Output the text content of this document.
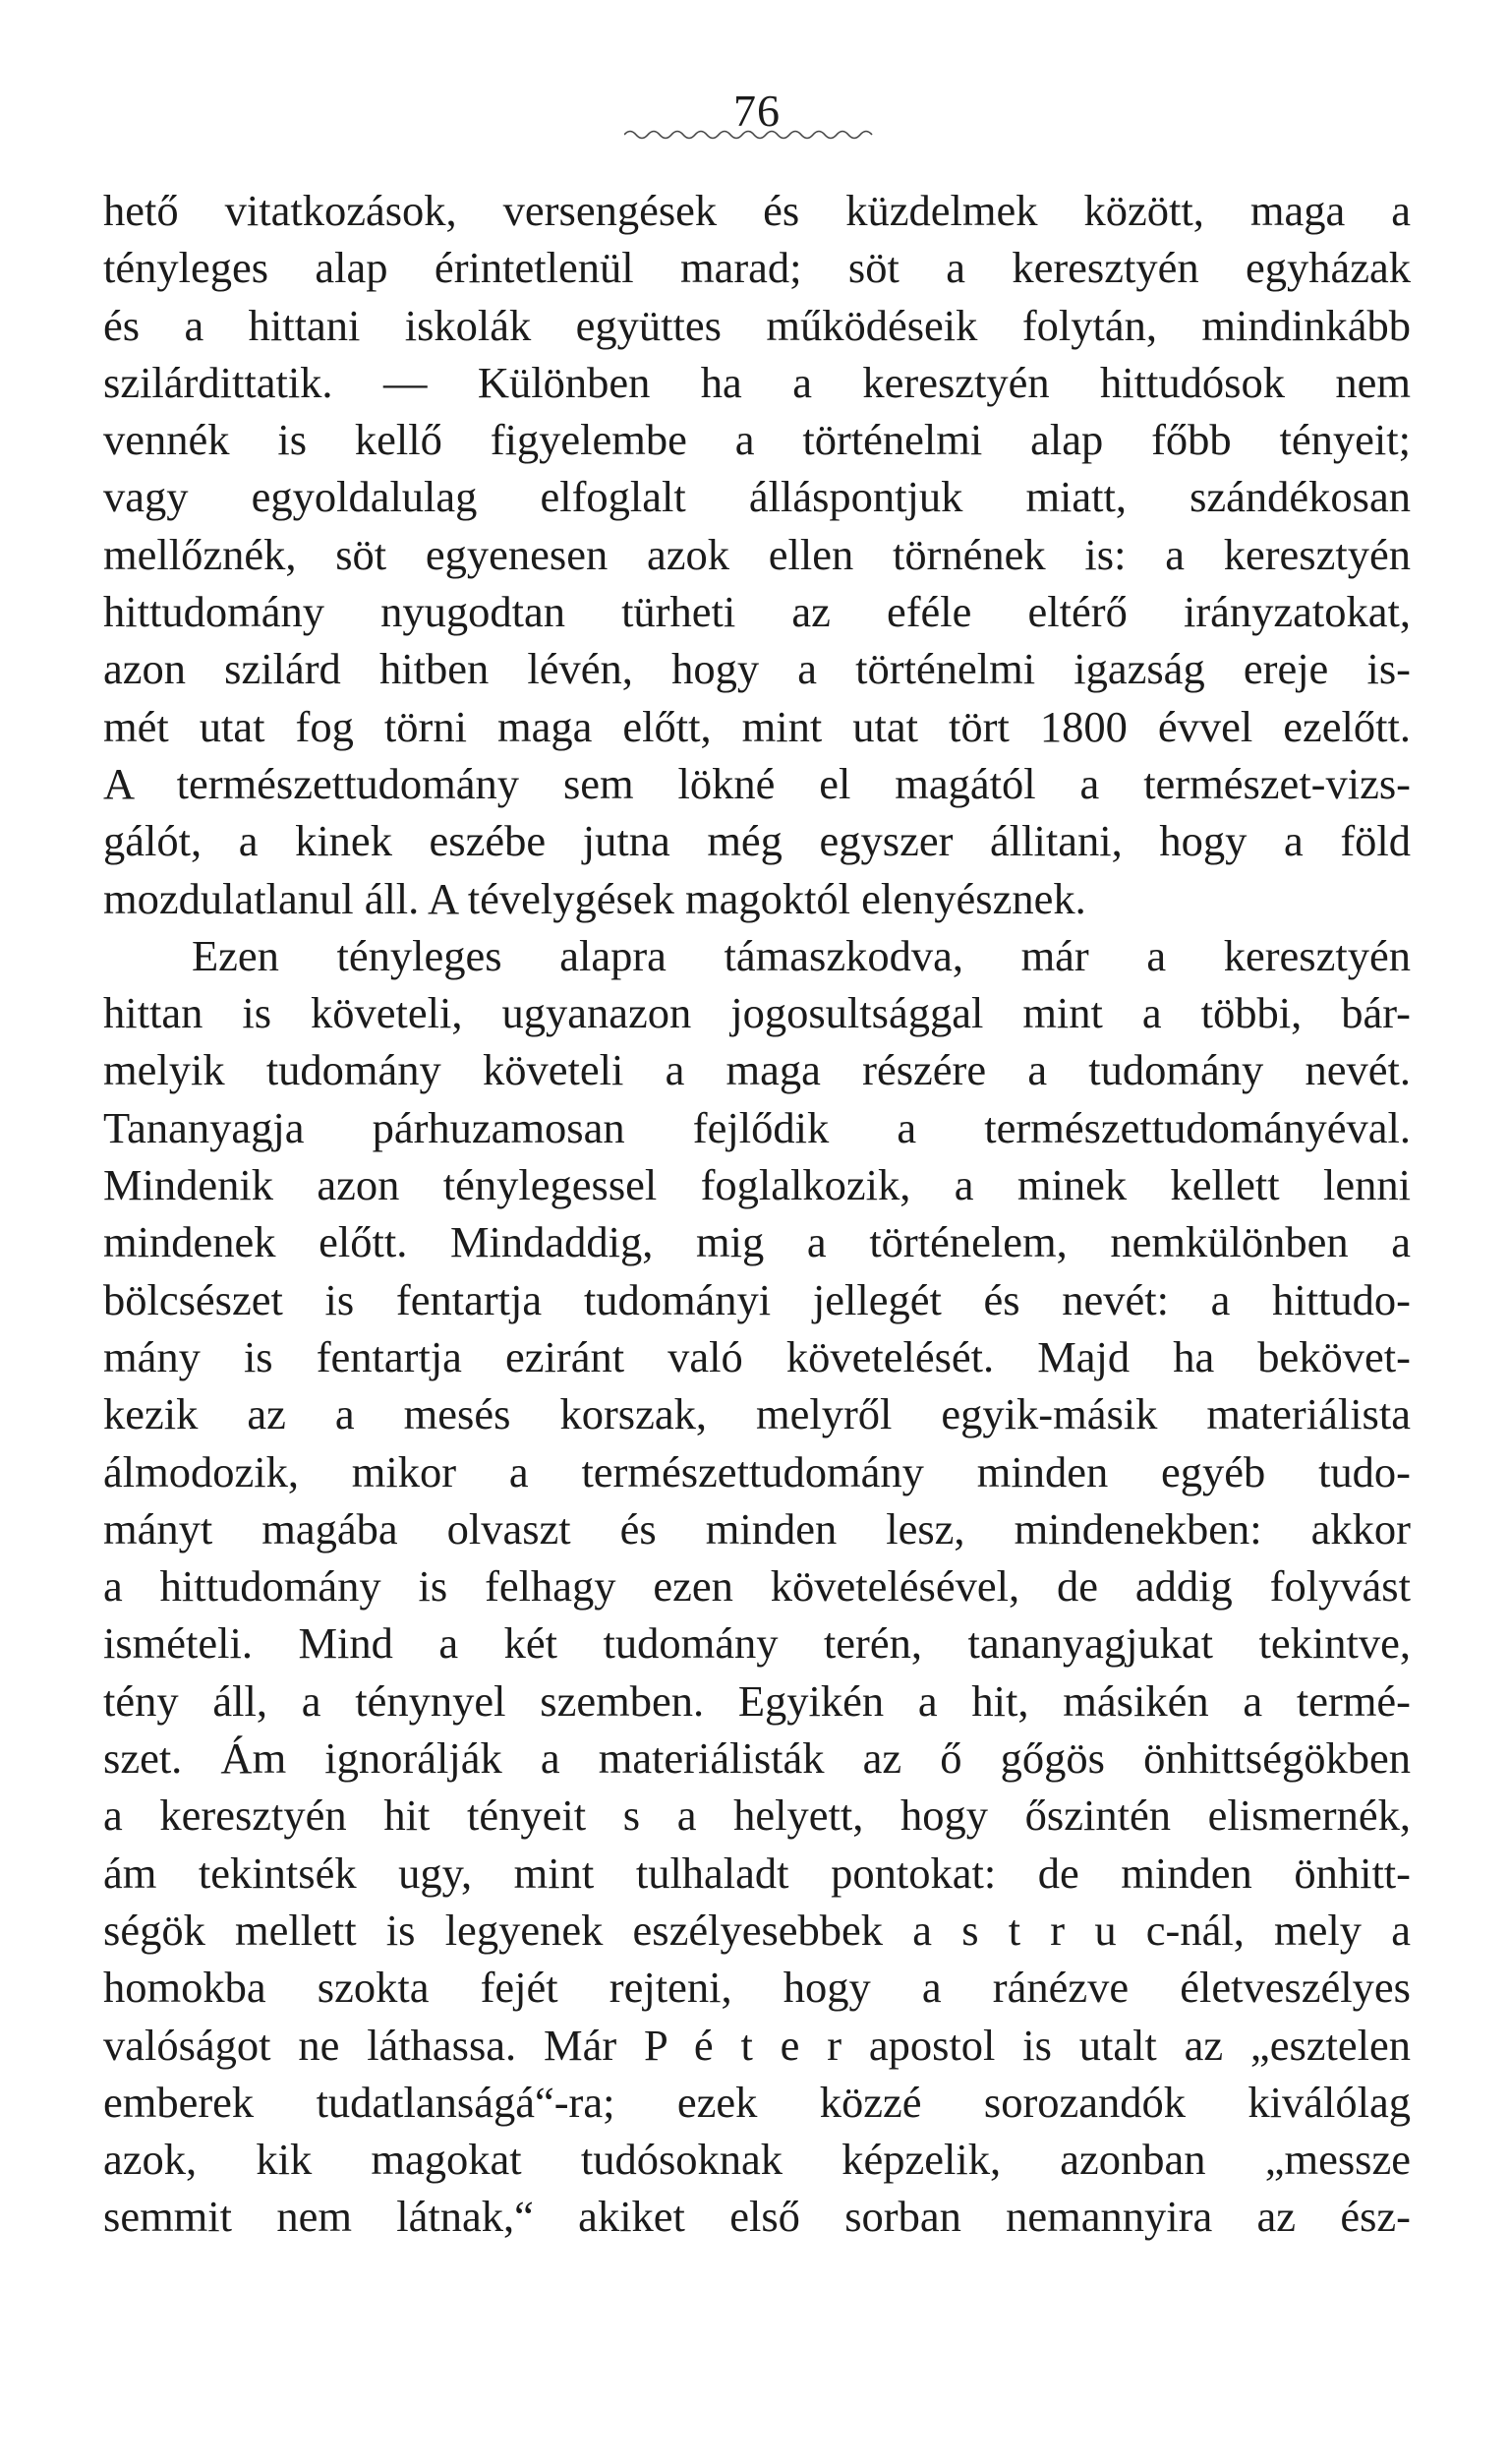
76
hető vitatkozások, versengések és küzdelmek között, maga a
tényleges alap érintetlenül marad; söt a keresztyén egyházak
és a hittani iskolák együttes működéseik folytán, mindinkább
szilárdittatik. — Különben ha a keresztyén hittudósok nem
vennék is kellő figyelembe a történelmi alap főbb tényeit;
vagy egyoldalulag elfoglalt álláspontjuk miatt, szándékosan
mellőznék, söt egyenesen azok ellen törnének is: a keresztyén
hittudomány nyugodtan türheti az eféle eltérő irányzatokat,
azon szilárd hitben lévén, hogy a történelmi igazság ereje is-
mét utat fog törni maga előtt, mint utat tört 1800 évvel ezelőtt.
A természettudomány sem lökné el magától a természet-vizs-
gálót, a kinek eszébe jutna még egyszer állitani, hogy a föld
mozdulatlanul áll. A tévelygések magoktól elenyésznek.
Ezen tényleges alapra támaszkodva, már a keresztyén
hittan is követeli, ugyanazon jogosultsággal mint a többi, bár-
melyik tudomány követeli a maga részére a tudomány nevét.
Tananyagja párhuzamosan fejlődik a természettudományéval.
Mindenik azon ténylegessel foglalkozik, a minek kellett lenni
mindenek előtt. Mindaddig, mig a történelem, nemkülönben a
bölcsészet is fentartja tudományi jellegét és nevét: a hittudo-
mány is fentartja eziránt való követelését. Majd ha bekövet-
kezik az a mesés korszak, melyről egyik-másik materiálista
álmodozik, mikor a természettudomány minden egyéb tudo-
mányt magába olvaszt és minden lesz, mindenekben: akkor
a hittudomány is felhagy ezen követelésével, de addig folyvást
ismételi. Mind a két tudomány terén, tananyagjukat tekintve,
tény áll, a ténynyel szemben. Egyikén a hit, másikén a termé-
szet. Ám ignorálják a materiálisták az ő gőgös önhittségökben
a keresztyén hit tényeit s a helyett, hogy őszintén elismernék,
ám tekintsék ugy, mint tulhaladt pontokat: de minden önhitt-
ségök mellett is legyenek eszélyesebbek a s t r u c-nál, mely a
homokba szokta fejét rejteni, hogy a ránézve életveszélyes
valóságot ne láthassa. Már P é t e r apostol is utalt az „esztelen
emberek tudatlanságá“-ra; ezek közzé sorozandók kiválólag
azok, kik magokat tudósoknak képzelik, azonban „messze
semmit nem látnak,“ akiket első sorban nemannyira az ész-
